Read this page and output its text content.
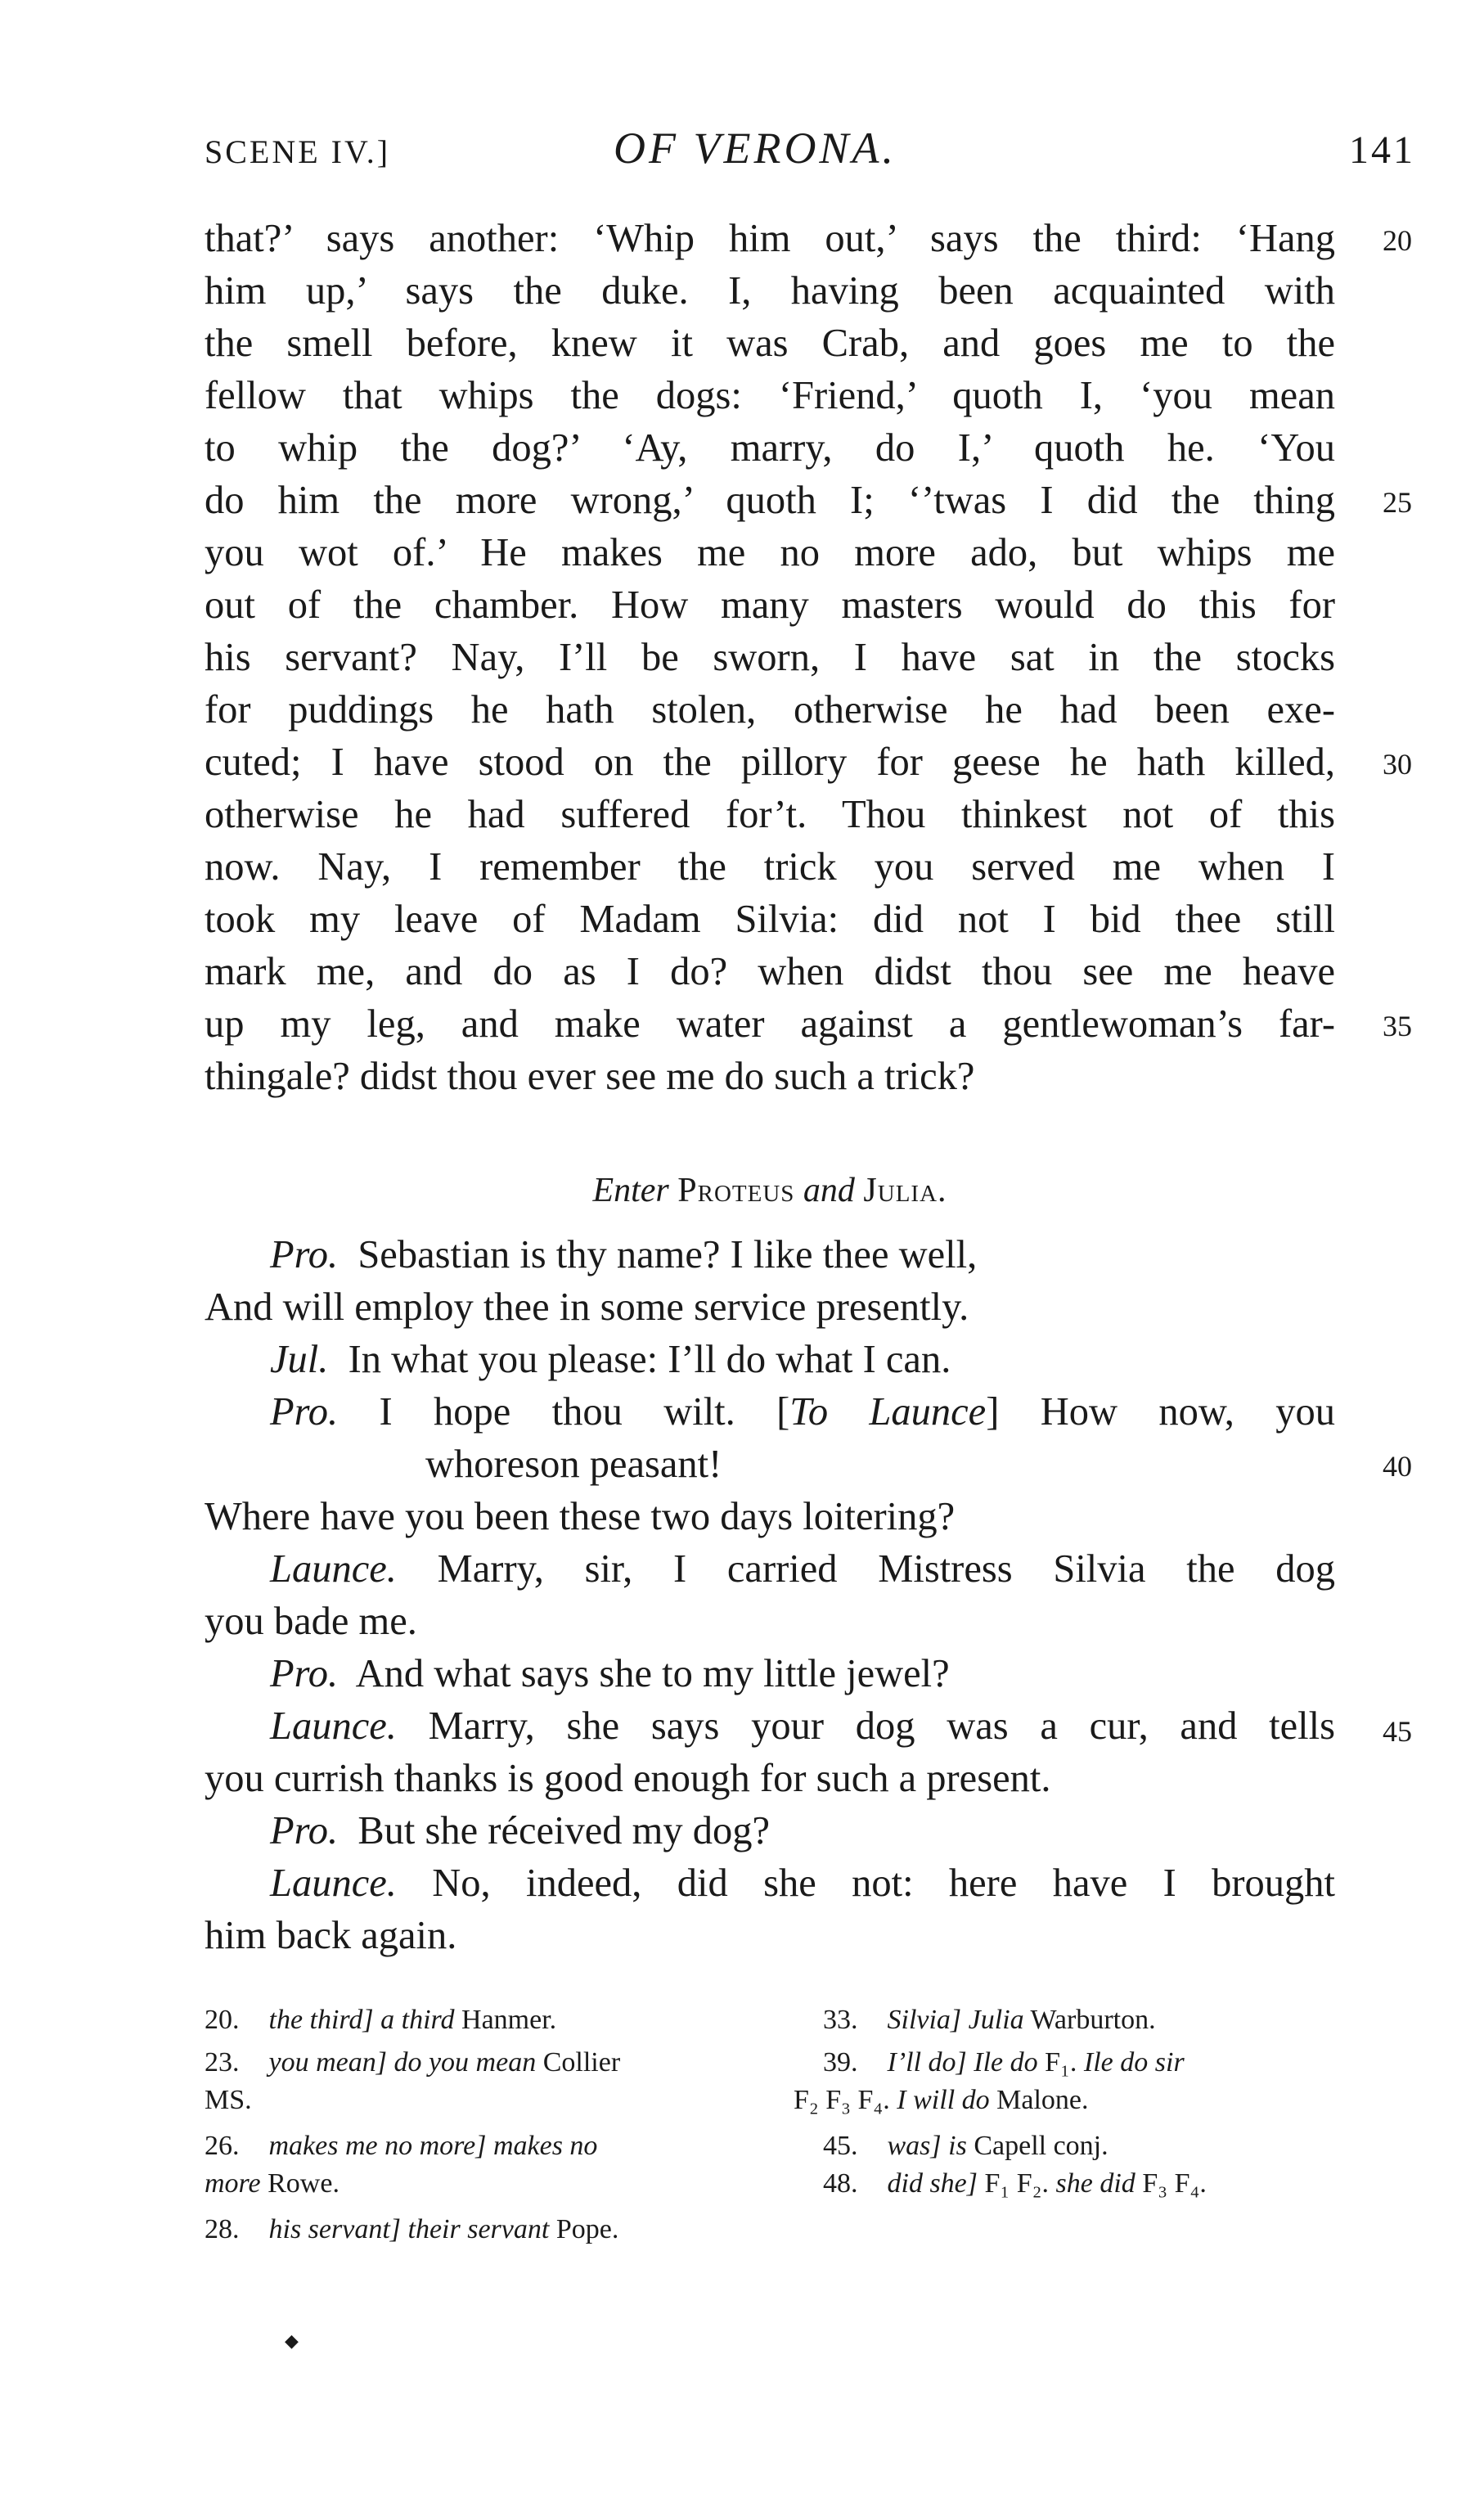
SCENE IV.]	OF VERONA.	141
that?’ says another: ‘Whip him out,’ says the third: ‘Hang
him up,’ says the duke. I, having been acquainted with
the smell before, knew it was Crab, and goes me to the
fellow that whips the dogs: ‘Friend,’ quoth I, ‘you mean
to whip the dog?’ ‘Ay, marry, do I,’ quoth he. ‘You
do him the more wrong,’ quoth I; ‘’twas I did the thing
you wot of.’ He makes me no more ado, but whips me
out of the chamber. How many masters would do this for
his servant? Nay, I’ll be sworn, I have sat in the stocks
for puddings he hath stolen, otherwise he had been exe-
cuted; I have stood on the pillory for geese he hath killed,
otherwise he had suffered for’t. Thou thinkest not of this
now. Nay, I remember the trick you served me when I
took my leave of Madam Silvia: did not I bid thee still
mark me, and do as I do? when didst thou see me heave
up my leg, and make water against a gentlewoman’s far-
thingale? didst thou ever see me do such a trick?
20
25
30
35
40
45
Enter Proteus and Julia.
Pro. Sebastian is thy name? I like thee well,
And will employ thee in some service presently.
Jul. In what you please: I’ll do what I can.
Pro. I hope thou wilt. [To Launce] How now, you
whoreson peasant!
Where have you been these two days loitering?
Launce. Marry, sir, I carried Mistress Silvia the dog
you bade me.
Pro. And what says she to my little jewel?
Launce. Marry, she says your dog was a cur, and tells
you currish thanks is good enough for such a present.
Pro. But she réceived my dog?
Launce. No, indeed, did she not: here have I brought
him back again.
20. the third] a third Hanmer.
23. you mean] do you mean Collier
MS.
26. makes me no more] makes no
more Rowe.
28. his servant] their servant Pope.
33. Silvia] Julia Warburton.
39. I’ll do] Ile do F₁. Ile do sir
F₂ F₃ F₄. I will do Malone.
45. was] is Capell conj.
48. did she] F₁ F₂. she did F₃ F₄.
◆
